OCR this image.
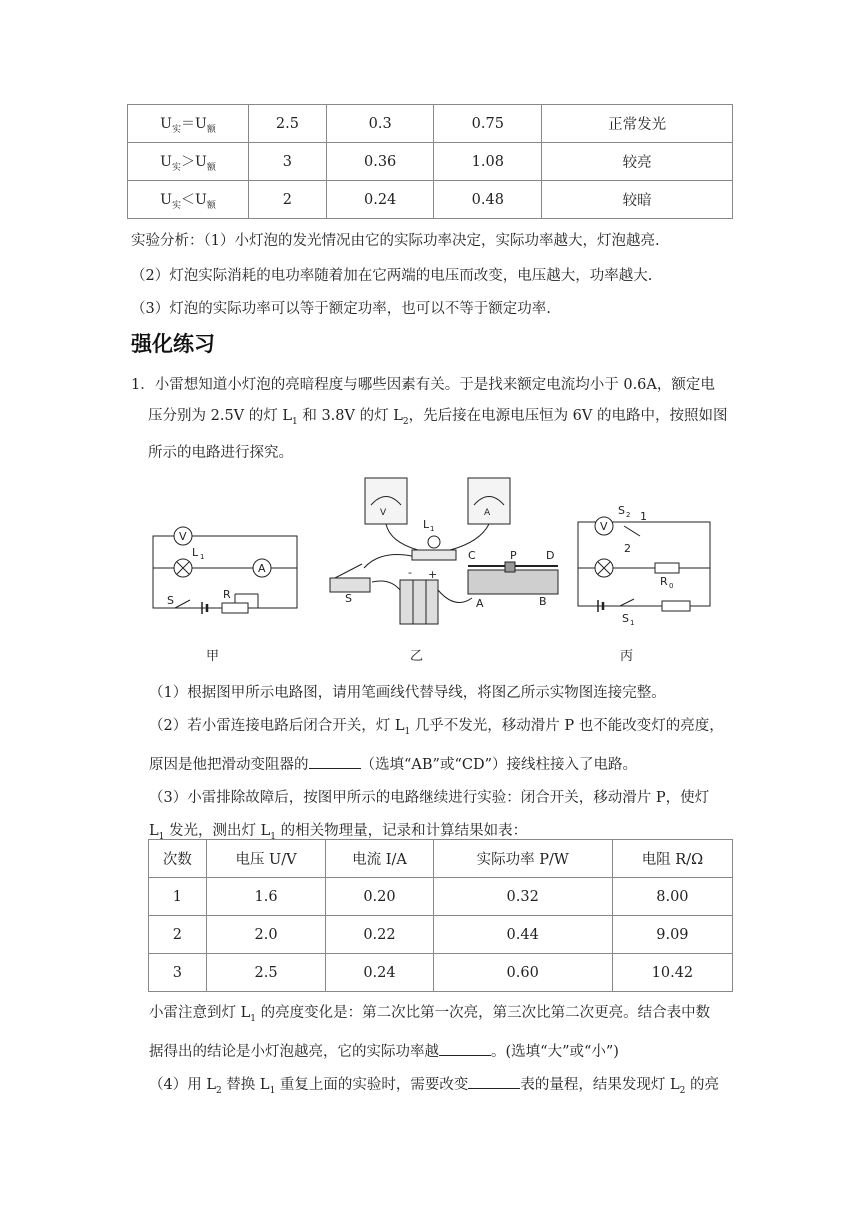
$U_实=U_额$	2.5	0.3	0.75	正常发光
$U_实>U_额$	3	0.36	1.08	较亮
$U_实<U_额$	2	0.24	0.48	较暗
实验分析：（1）小灯泡的发光情况由它的实际功率决定，实际功率越大，灯泡越亮.
（2）灯泡实际消耗的电功率随着加在它两端的电压而改变，电压越大，功率越大.
（3）灯泡的实际功率可以等于额定功率，也可以不等于额定功率.
强化练习
1．小雷想知道小灯泡的亮暗程度与哪些因素有关。于是找来额定电流均小于 0.6A，额定电
压分别为 2.5V 的灯 $L_1$ 和 3.8V 的灯 $L_2$，先后接在电源电压恒为 6V 的电路中，按照如图
所示的电路进行探究。
V
L 1
A
S	R
甲
V	A
L 1
S
+
-
C	P	D
A	B
乙
V
S 2 1
2
R 0
S 1
丙
（1）根据图甲所示电路图，请用笔画线代替导线，将图乙所示实物图连接完整。
（2）若小雷连接电路后闭合开关，灯 $L_1$ 几乎不发光，移动滑片 P 也不能改变灯的亮度，
原因是他把滑动变阻器的	（选填“AB”或“CD”）接线柱接入了电路。
（3）小雷排除故障后，按图甲所示的电路继续进行实验：闭合开关，移动滑片 P，使灯
$L_1$ 发光，测出灯 $L_1$ 的相关物理量，记录和计算结果如表：
次数	电压 U/V	电流 I/A	实际功率 P/W	电阻 R/Ω
1	1.6	0.20	0.32	8.00
2	2.0	0.22	0.44	9.09
3	2.5	0.24	0.60	10.42
小雷注意到灯 $L_1$ 的亮度变化是：第二次比第一次亮，第三次比第二次更亮。结合表中数
据得出的结论是小灯泡越亮，它的实际功率越	。(选填“大”或“小”)
（4）用 $L_2$ 替换 $L_1$ 重复上面的实验时，需要改变	表的量程，结果发现灯 $L_2$ 的亮
